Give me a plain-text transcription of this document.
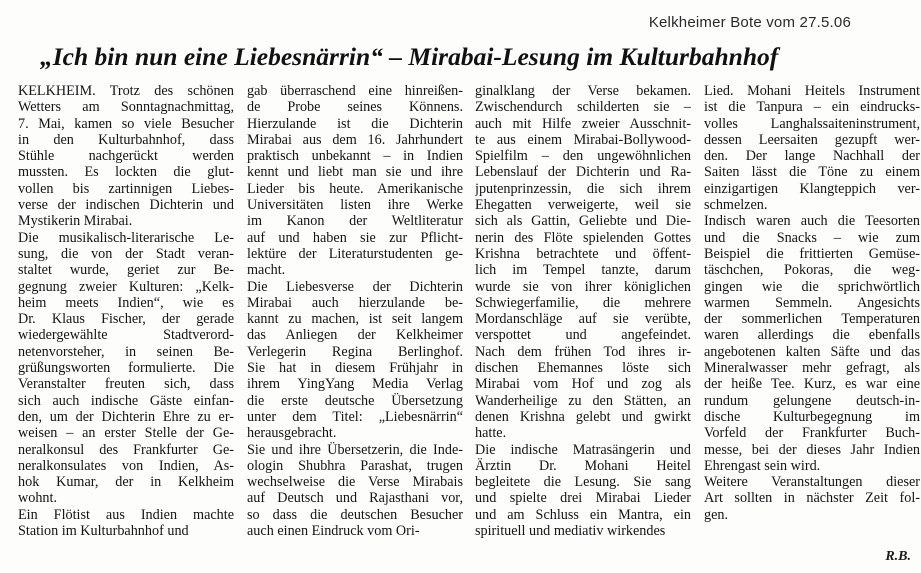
Kelkheimer Bote vom 27.5.06
„Ich bin nun eine Liebesnärrin“ – Mirabai-Lesung im Kulturbahnhof
KELKHEIM. Trotz des schönen
Wetters am Sonntagnachmittag,
7. Mai, kamen so viele Besucher
in den Kulturbahnhof, dass
Stühle nachgerückt werden
mussten. Es lockten die glut-
vollen bis zartinnigen Liebes-
verse der indischen Dichterin und
Mystikerin Mirabai.
Die musikalisch-literarische Le-
sung, die von der Stadt veran-
staltet wurde, geriet zur Be-
gegnung zweier Kulturen: „Kelk-
heim meets Indien“, wie es
Dr. Klaus Fischer, der gerade
wiedergewählte Stadtverord-
netenvorsteher, in seinen Be-
grüßungsworten formulierte. Die
Veranstalter freuten sich, dass
sich auch indische Gäste einfan-
den, um der Dichterin Ehre zu er-
weisen – an erster Stelle der Ge-
neralkonsul des Frankfurter Ge-
neralkonsulates von Indien, As-
hok Kumar, der in Kelkheim
wohnt.
Ein Flötist aus Indien machte
Station im Kulturbahnhof und
gab überraschend eine hinreißen-
de Probe seines Könnens.
Hierzulande ist die Dichterin
Mirabai aus dem 16. Jahrhundert
praktisch unbekannt – in Indien
kennt und liebt man sie und ihre
Lieder bis heute. Amerikanische
Universitäten listen ihre Werke
im Kanon der Weltliteratur
auf und haben sie zur Pflicht-
lektüre der Literaturstudenten ge-
macht.
Die Liebesverse der Dichterin
Mirabai auch hierzulande be-
kannt zu machen, ist seit langem
das Anliegen der Kelkheimer
Verlegerin Regina Berlinghof.
Sie hat in diesem Frühjahr in
ihrem YingYang Media Verlag
die erste deutsche Übersetzung
unter dem Titel: „Liebesnärrin“
herausgebracht.
Sie und ihre Übersetzerin, die Inde-
ologin Shubhra Parashat, trugen
wechselweise die Verse Mirabais
auf Deutsch und Rajasthani vor,
so dass die deutschen Besucher
auch einen Eindruck vom Ori-
ginalklang der Verse bekamen.
Zwischendurch schilderten sie –
auch mit Hilfe zweier Ausschnit-
te aus einem Mirabai-Bollywood-
Spielfilm – den ungewöhnlichen
Lebenslauf der Dichterin und Ra-
jputenprinzessin, die sich ihrem
Ehegatten verweigerte, weil sie
sich als Gattin, Geliebte und Die-
nerin des Flöte spielenden Gottes
Krishna betrachtete und öffent-
lich im Tempel tanzte, darum
wurde sie von ihrer königlichen
Schwiegerfamilie, die mehrere
Mordanschläge auf sie verübte,
verspottet und angefeindet.
Nach dem frühen Tod ihres ir-
dischen Ehemannes löste sich
Mirabai vom Hof und zog als
Wanderheilige zu den Stätten, an
denen Krishna gelebt und gwirkt
hatte.
Die indische Matrasängerin und
Ärztin Dr. Mohani Heitel
begleitete die Lesung. Sie sang
und spielte drei Mirabai Lieder
und am Schluss ein Mantra, ein
spirituell und mediativ wirkendes
Lied. Mohani Heitels Instrument
ist die Tanpura – ein eindrucks-
volles Langhalssaiteninstrument,
dessen Leersaiten gezupft wer-
den. Der lange Nachhall der
Saiten lässt die Töne zu einem
einzigartigen Klangteppich ver-
schmelzen.
Indisch waren auch die Teesorten
und die Snacks – wie zum
Beispiel die frittierten Gemüse-
täschchen, Pokoras, die weg-
gingen wie die sprichwörtlich
warmen Semmeln. Angesichts
der sommerlichen Temperaturen
waren allerdings die ebenfalls
angebotenen kalten Säfte und das
Mineralwasser mehr gefragt, als
der heiße Tee. Kurz, es war eine
rundum gelungene deutsch-in-
dische Kulturbegegnung im
Vorfeld der Frankfurter Buch-
messe, bei der dieses Jahr Indien
Ehrengast sein wird.
Weitere Veranstaltungen dieser
Art sollten in nächster Zeit fol-
gen.
R.B.
